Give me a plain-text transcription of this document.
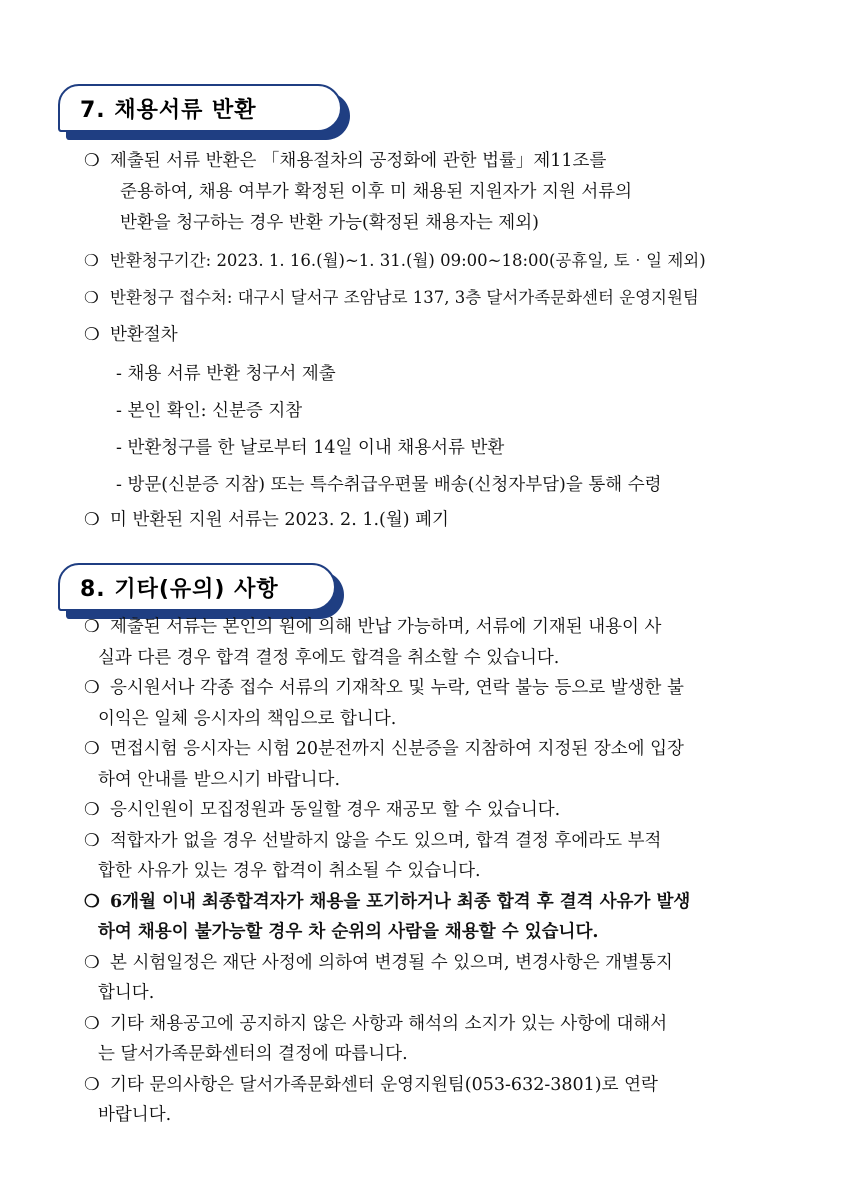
7. 채용서류 반환
❍ 제출된 서류 반환은 「채용절차의 공정화에 관한 법률」제11조를
준용하여, 채용 여부가 확정된 이후 미 채용된 지원자가 지원 서류의
반환을 청구하는 경우 반환 가능(확정된 채용자는 제외)
❍ 반환청구기간: 2023. 1. 16.(월)~1. 31.(월) 09:00~18:00(공휴일, 토‧일 제외)
❍ 반환청구 접수처: 대구시 달서구 조암남로 137, 3층 달서가족문화센터 운영지원팀
❍ 반환절차
- 채용 서류 반환 청구서 제출
- 본인 확인: 신분증 지참
- 반환청구를 한 날로부터 14일 이내 채용서류 반환
- 방문(신분증 지참) 또는 특수취급우편물 배송(신청자부담)을 통해 수령
❍ 미 반환된 지원 서류는 2023. 2. 1.(월) 폐기
8. 기타(유의) 사항
❍ 제출된 서류는 본인의 원에 의해 반납 가능하며, 서류에 기재된 내용이 사
실과 다른 경우 합격 결정 후에도 합격을 취소할 수 있습니다.
❍ 응시원서나 각종 접수 서류의 기재착오 및 누락, 연락 불능 등으로 발생한 불
이익은 일체 응시자의 책임으로 합니다.
❍ 면접시험 응시자는 시험 20분전까지 신분증을 지참하여 지정된 장소에 입장
하여 안내를 받으시기 바랍니다.
❍ 응시인원이 모집정원과 동일할 경우 재공모 할 수 있습니다.
❍ 적합자가 없을 경우 선발하지 않을 수도 있으며, 합격 결정 후에라도 부적
합한 사유가 있는 경우 합격이 취소될 수 있습니다.
❍ 6개월 이내 최종합격자가 채용을 포기하거나 최종 합격 후 결격 사유가 발생
하여 채용이 불가능할 경우 차 순위의 사람을 채용할 수 있습니다.
❍ 본 시험일정은 재단 사정에 의하여 변경될 수 있으며, 변경사항은 개별통지
합니다.
❍ 기타 채용공고에 공지하지 않은 사항과 해석의 소지가 있는 사항에 대해서
는 달서가족문화센터의 결정에 따릅니다.
❍ 기타 문의사항은 달서가족문화센터 운영지원팀(053-632-3801)로 연락
바랍니다.
